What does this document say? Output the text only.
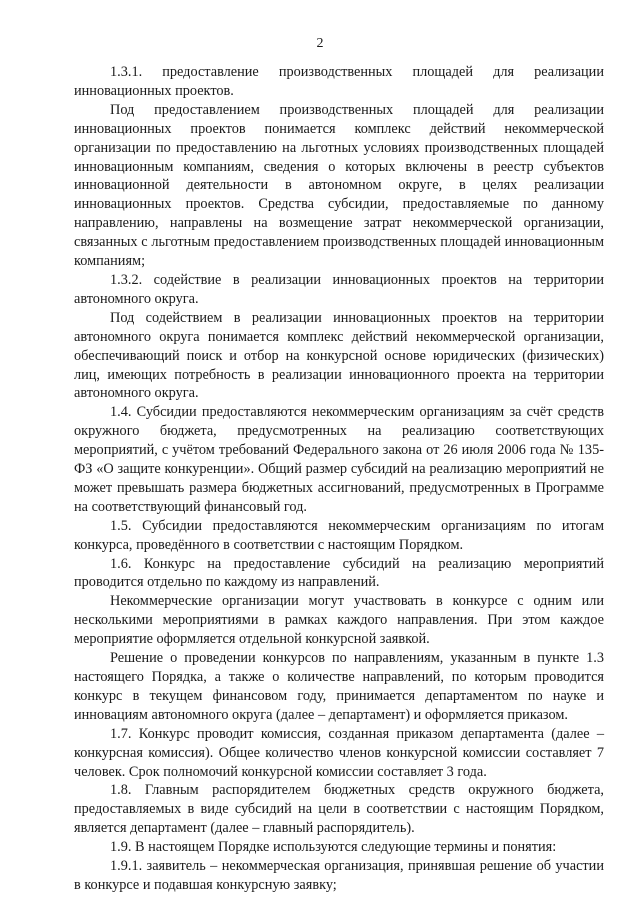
2

1.3.1. предоставление производственных площадей для реализации инновационных проектов.

Под предоставлением производственных площадей для реализации инновационных проектов понимается комплекс действий некоммерческой организации по предоставлению на льготных условиях производственных площадей инновационным компаниям, сведения о которых включены в реестр субъектов инновационной деятельности в автономном округе, в целях реализации инновационных проектов. Средства субсидии, предоставляемые по данному направлению, направлены на возмещение затрат некоммерческой организации, связанных с льготным предоставлением производственных площадей инновационным компаниям;

1.3.2. содействие в реализации инновационных проектов на территории автономного округа.

Под содействием в реализации инновационных проектов на территории автономного округа понимается комплекс действий некоммерческой организации, обеспечивающий поиск и отбор на конкурсной основе юридических (физических) лиц, имеющих потребность в реализации инновационного проекта на территории автономного округа.

1.4. Субсидии предоставляются некоммерческим организациям за счёт средств окружного бюджета, предусмотренных на реализацию соответствующих мероприятий, с учётом требований Федерального закона от 26 июля 2006 года № 135-ФЗ «О защите конкуренции». Общий размер субсидий на реализацию мероприятий не может превышать размера бюджетных ассигнований, предусмотренных в Программе на соответствующий финансовый год.

1.5. Субсидии предоставляются некоммерческим организациям по итогам конкурса, проведённого в соответствии с настоящим Порядком.

1.6. Конкурс на предоставление субсидий на реализацию мероприятий проводится отдельно по каждому из направлений.

Некоммерческие организации могут участвовать в конкурсе с одним или несколькими мероприятиями в рамках каждого направления. При этом каждое мероприятие оформляется отдельной конкурсной заявкой.

Решение о проведении конкурсов по направлениям, указанным в пункте 1.3 настоящего Порядка, а также о количестве направлений, по которым проводится конкурс в текущем финансовом году, принимается департаментом по науке и инновациям автономного округа (далее – департамент) и оформляется приказом.

1.7. Конкурс проводит комиссия, созданная приказом департамента (далее – конкурсная комиссия). Общее количество членов конкурсной комиссии составляет 7 человек. Срок полномочий конкурсной комиссии составляет 3 года.

1.8. Главным распорядителем бюджетных средств окружного бюджета, предоставляемых в виде субсидий на цели в соответствии с настоящим Порядком, является департамент (далее – главный распорядитель).

1.9. В настоящем Порядке используются следующие термины и понятия:

1.9.1. заявитель – некоммерческая организация, принявшая решение об участии в конкурсе и подавшая конкурсную заявку;
